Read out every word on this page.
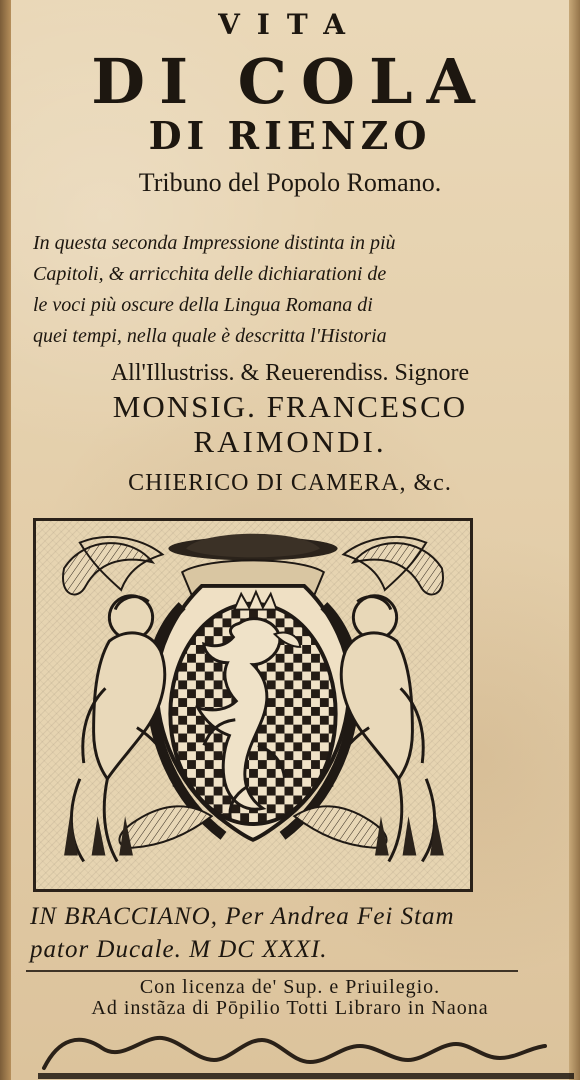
VITA
DI COLA
DI RIENZO
Tribuno del Popolo Romano.
In questa seconda Impressione distinta in più
Capitoli, & arricchita delle dichiarationi de
le voci più oscure della Lingua Romana di
quei tempi, nella quale è descritta l'Historia
All'Illustriss. & Reuerendiss. Signore
MONSIG. FRANCESCO
RAIMONDI.
CHIERICO DI CAMERA, &c.
IN BRACCIANO, Per Andrea Fei Stam
pator Ducale. M DC XXXI.
Con licenza de' Sup. e Priuilegio.
Ad instãza di Pōpilio Totti Libraro in Naona
